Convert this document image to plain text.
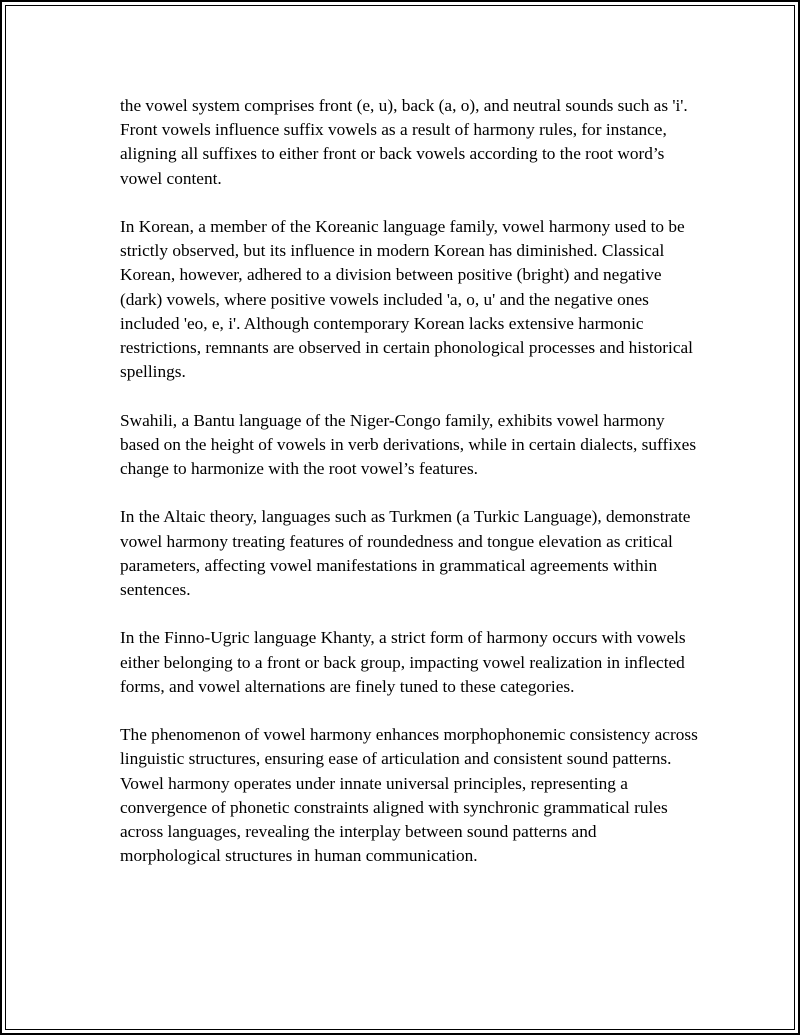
the vowel system comprises front (e, u), back (a, o), and neutral sounds such as 'i'. Front vowels influence suffix vowels as a result of harmony rules, for instance, aligning all suffixes to either front or back vowels according to the root word’s vowel content.

In Korean, a member of the Koreanic language family, vowel harmony used to be strictly observed, but its influence in modern Korean has diminished. Classical Korean, however, adhered to a division between positive (bright) and negative (dark) vowels, where positive vowels included 'a, o, u' and the negative ones included 'eo, e, i'. Although contemporary Korean lacks extensive harmonic restrictions, remnants are observed in certain phonological processes and historical spellings.

Swahili, a Bantu language of the Niger-Congo family, exhibits vowel harmony based on the height of vowels in verb derivations, while in certain dialects, suffixes change to harmonize with the root vowel’s features.

In the Altaic theory, languages such as Turkmen (a Turkic Language), demonstrate vowel harmony treating features of roundedness and tongue elevation as critical parameters, affecting vowel manifestations in grammatical agreements within sentences.

In the Finno-Ugric language Khanty, a strict form of harmony occurs with vowels either belonging to a front or back group, impacting vowel realization in inflected forms, and vowel alternations are finely tuned to these categories.

The phenomenon of vowel harmony enhances morphophonemic consistency across linguistic structures, ensuring ease of articulation and consistent sound patterns. Vowel harmony operates under innate universal principles, representing a convergence of phonetic constraints aligned with synchronic grammatical rules across languages, revealing the interplay between sound patterns and morphological structures in human communication.
